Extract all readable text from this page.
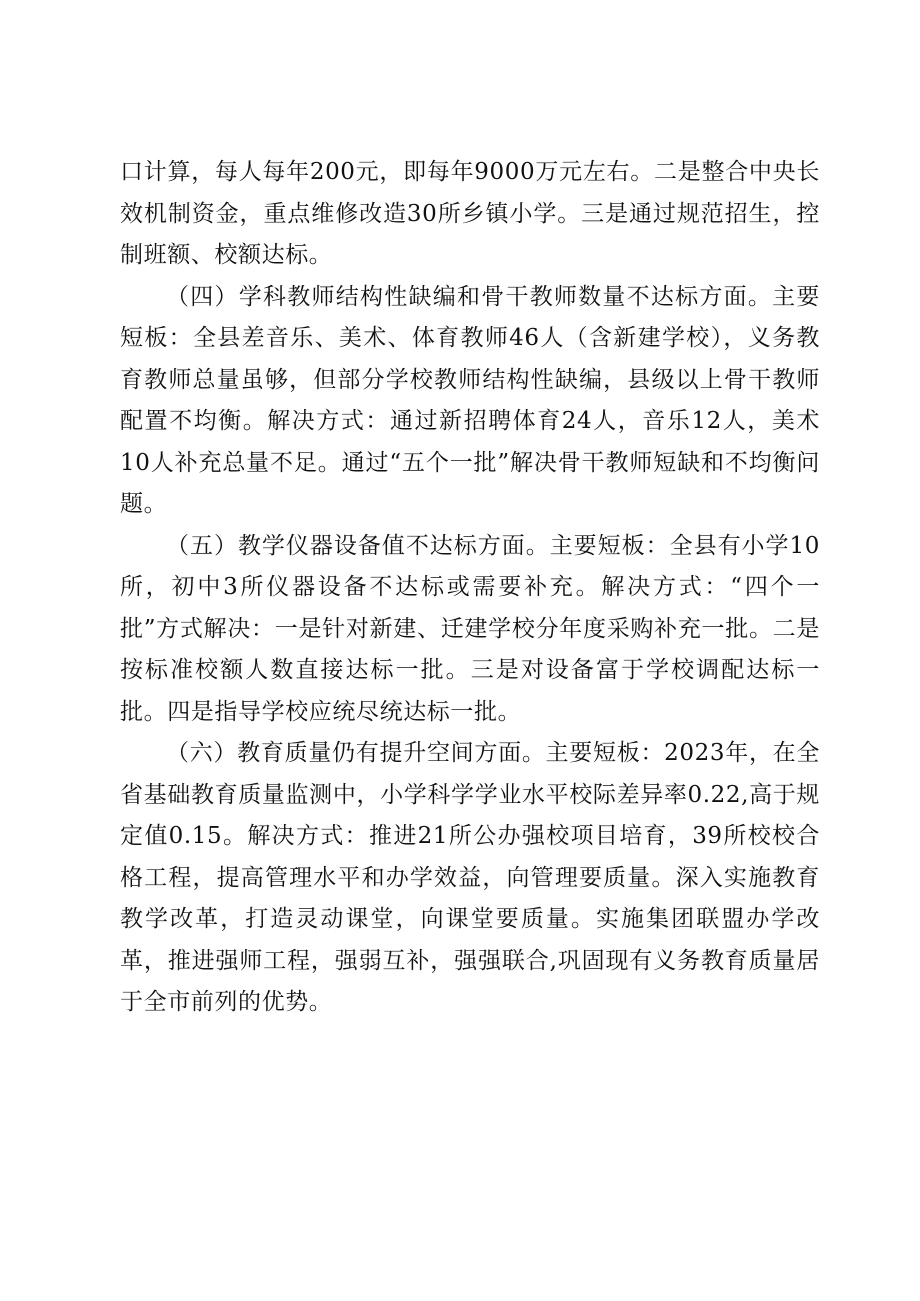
口计算，每人每年200元，即每年9000万元左右。二是整合中央长效机制资金，重点维修改造30所乡镇小学。三是通过规范招生，控制班额、校额达标。

（四）学科教师结构性缺编和骨干教师数量不达标方面。主要短板：全县差音乐、美术、体育教师46人（含新建学校），义务教育教师总量虽够，但部分学校教师结构性缺编，县级以上骨干教师配置不均衡。解决方式：通过新招聘体育24人，音乐12人，美术10人补充总量不足。通过“五个一批”解决骨干教师短缺和不均衡问题。

（五）教学仪器设备值不达标方面。主要短板：全县有小学10所，初中3所仪器设备不达标或需要补充。解决方式：“四个一批”方式解决：一是针对新建、迁建学校分年度采购补充一批。二是按标准校额人数直接达标一批。三是对设备富于学校调配达标一批。四是指导学校应统尽统达标一批。

（六）教育质量仍有提升空间方面。主要短板：2023年，在全省基础教育质量监测中，小学科学学业水平校际差异率0.22,高于规定值0.15。解决方式：推进21所公办强校项目培育，39所校校合格工程，提高管理水平和办学效益，向管理要质量。深入实施教育教学改革，打造灵动课堂，向课堂要质量。实施集团联盟办学改革，推进强师工程，强弱互补，强强联合,巩固现有义务教育质量居于全市前列的优势。
